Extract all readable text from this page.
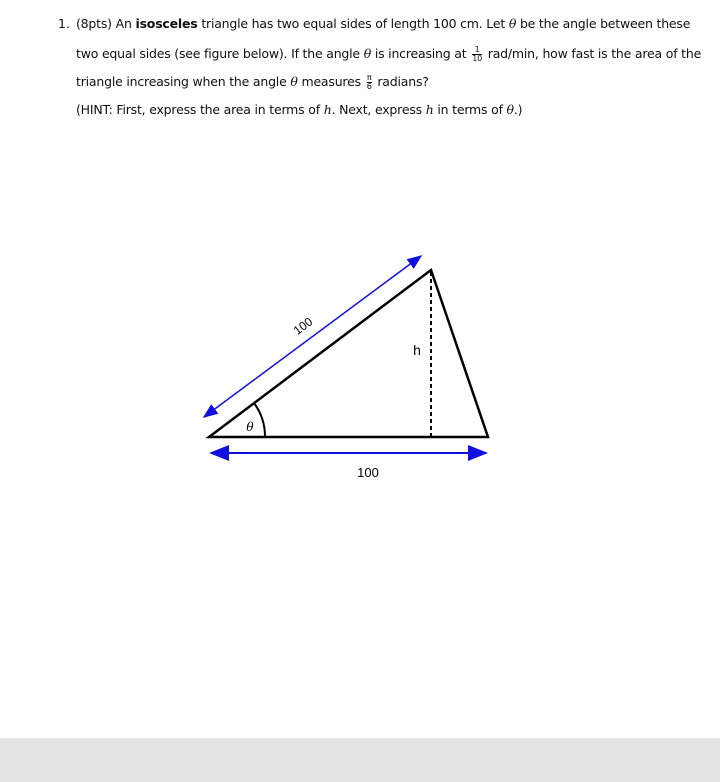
1. (8pts) An isosceles triangle has two equal sides of length 100 cm. Let θ be the angle between these
two equal sides (see figure below). If the angle θ is increasing at $\frac{1}{10} rad/\min$, how fast is the area of the
triangle increasing when the angle θ measures $\frac{\pi}{6}$ radians?
(HINT: First, express the area in terms of h. Next, express h in terms of θ.)
100
100
h
θ
